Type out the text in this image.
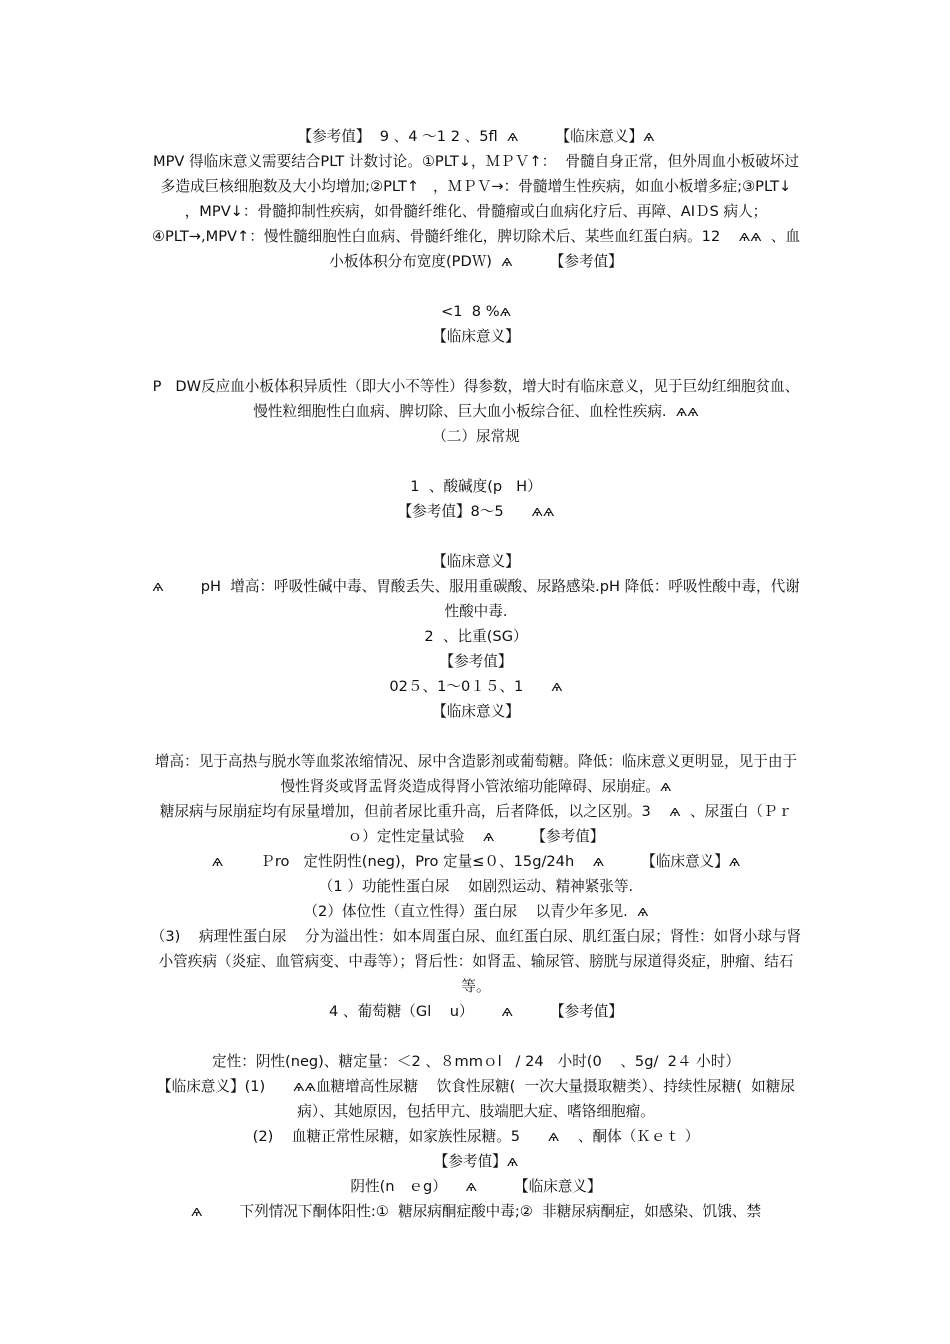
【参考值】  9 、4 ～1 2 、5fl  ѧ        【临床意义】ѧ
MPV 得临床意义需要结合PLT 计数讨论。①PLT↓，ＭＰＶ↑：  骨髓自身正常，但外周血小板破坏过多造成巨核细胞数及大小均增加;②PLT↑   ，ＭＰＶ→：骨髓增生性疾病，如血小板增多症;③PLT↓   ，MPV↓：骨髓抑制性疾病，如骨髓纤维化、骨髓瘤或白血病化疗后、再障、AIＤS 病人；④PLT→,MPV↑：慢性髓细胞性白血病、骨髓纤维化，脾切除术后、某些血红蛋白病。12    ѧѧ  、血小板体积分布宽度(PDＷ)  ѧ        【参考值】
<1  8 %ѧ
【临床意义】
P   DW反应血小板体积异质性（即大小不等性）得参数，增大时有临床意义，见于巨幼红细胞贫血、慢性粒细胞性白血病、脾切除、巨大血小板综合征、血栓性疾病.  ѧѧ
（二）尿常规
1  、酸碱度(p   H）
【参考值】8～5      ѧѧ
【临床意义】
ѧ        pH  增高：呼吸性碱中毒、胃酸丢失、服用重碳酸、尿路感染.pH 降低：呼吸性酸中毒，代谢性酸中毒.
2  、比重(SG）
【参考值】
02５、1～0１５、1      ѧ
【临床意义】
增高：见于高热与脱水等血浆浓缩情况、尿中含造影剂或葡萄糖。降低：临床意义更明显，见于由于慢性肾炎或肾盂肾炎造成得肾小管浓缩功能障碍、尿崩症。ѧ
糖尿病与尿崩症均有尿量增加，但前者尿比重升高，后者降低，以之区别。3    ѧ  、尿蛋白（Ｐｒ ｏ）定性定量试验    ѧ        【参考值】
ѧ        Ｐro   定性阴性(neg)，Pro 定量≤０、15g/24h    ѧ        【临床意义】ѧ
（1 ）功能性蛋白尿    如剧烈运动、精神紧张等.
（2）体位性（直立性得）蛋白尿    以青少年多见.  ѧ
（3)    病理性蛋白尿    分为溢出性：如本周蛋白尿、血红蛋白尿、肌红蛋白尿；肾性：如肾小球与肾小管疾病（炎症、血管病变、中毒等）；肾后性：如肾盂、输尿管、膀胱与尿道得炎症，肿瘤、结石等。
4 、葡萄糖（Gl    u）      ѧ        【参考值】
定性：阴性(neg)、糖定量：＜2 、８mmｏl   / 24   小时(0    、5g/  2４ 小时）
【临床意义】(1)      ѧѧ血糖增高性尿糖    饮食性尿糖(  一次大量摄取糖类）、持续性尿糖(  如糖尿病）、其她原因，包括甲亢、肢端肥大症、嗜铬细胞瘤。
(2)    血糖正常性尿糖，如家族性尿糖。5      ѧ    、酮体（Ｋｅｔ ）
【参考值】ѧ
阴性(n   ｅg）    ѧ        【临床意义】
ѧ        下列情况下酮体阳性:①  糖尿病酮症酸中毒;②  非糖尿病酮症，如感染、饥饿、禁
